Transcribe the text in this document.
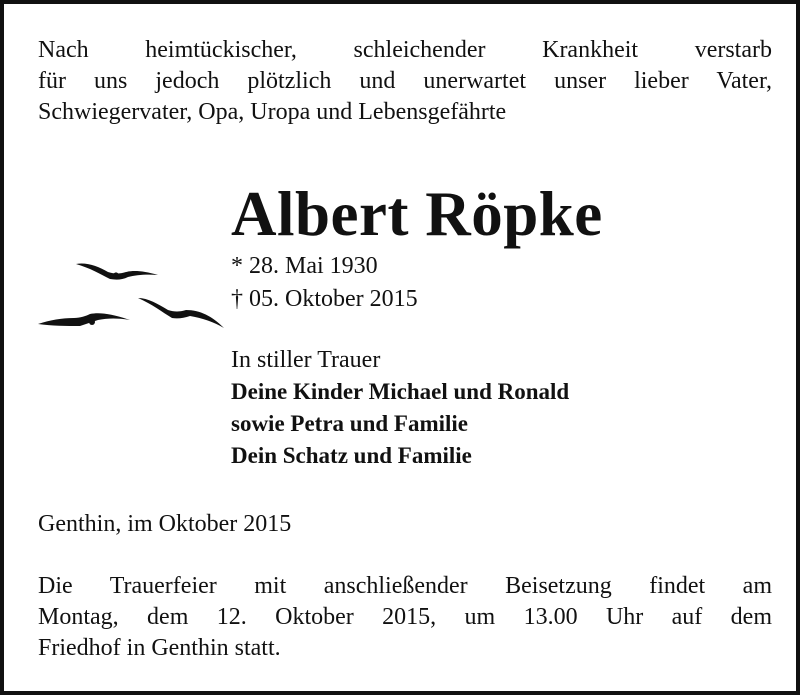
Nach heimtückischer, schleichender Krankheit verstarb
für uns jedoch plötzlich und unerwartet unser lieber Vater,
Schwiegervater, Opa, Uropa und Lebensgefährte
Albert Röpke
* 28. Mai 1930
† 05. Oktober 2015
In stiller Trauer
Deine Kinder Michael und Ronald
sowie Petra und Familie
Dein Schatz und Familie
Genthin, im Oktober 2015
Die Trauerfeier mit anschließender Beisetzung findet am
Montag, dem 12. Oktober 2015, um 13.00 Uhr auf dem
Friedhof in Genthin statt.
